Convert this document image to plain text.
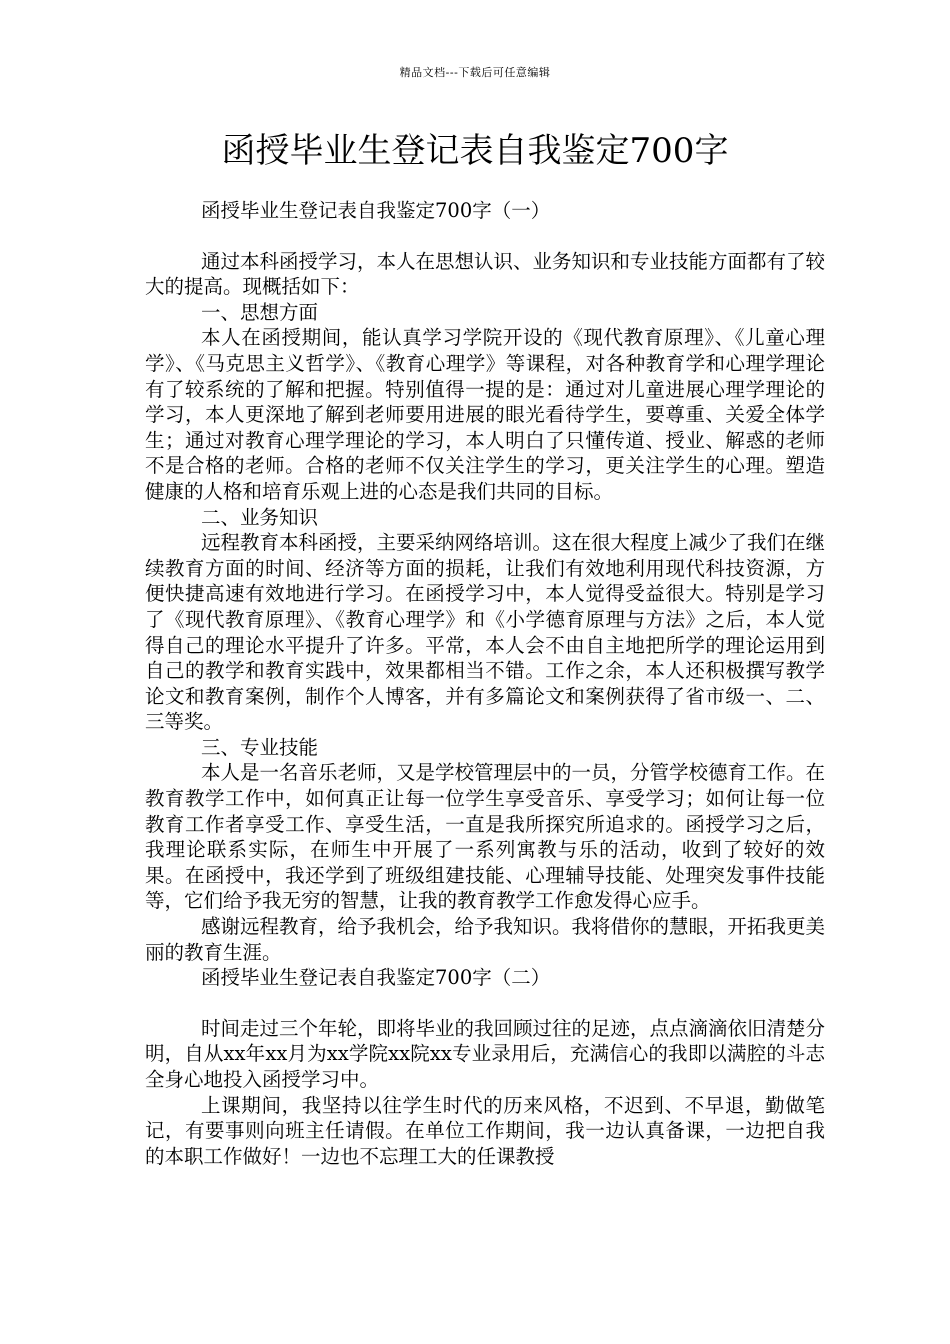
精品文档---下载后可任意编辑
函授毕业生登记表自我鉴定700字
函授毕业生登记表自我鉴定700字（一）

通过本科函授学习，本人在思想认识、业务知识和专业技能方面都有了较大的提高。现概括如下：

一、思想方面

本人在函授期间，能认真学习学院开设的《现代教育原理》、《儿童心理学》、《马克思主义哲学》、《教育心理学》等课程，对各种教育学和心理学理论有了较系统的了解和把握。特别值得一提的是：通过对儿童进展心理学理论的学习，本人更深地了解到老师要用进展的眼光看待学生，要尊重、关爱全体学生；通过对教育心理学理论的学习，本人明白了只懂传道、授业、解惑的老师不是合格的老师。合格的老师不仅关注学生的学习，更关注学生的心理。塑造健康的人格和培育乐观上进的心态是我们共同的目标。

二、业务知识

远程教育本科函授，主要采纳网络培训。这在很大程度上减少了我们在继续教育方面的时间、经济等方面的损耗，让我们有效地利用现代科技资源，方便快捷高速有效地进行学习。在函授学习中，本人觉得受益很大。特别是学习了《现代教育原理》、《教育心理学》和《小学德育原理与方法》之后，本人觉得自己的理论水平提升了许多。平常，本人会不由自主地把所学的理论运用到自己的教学和教育实践中，效果都相当不错。工作之余，本人还积极撰写教学论文和教育案例，制作个人博客，并有多篇论文和案例获得了省市级一、二、三等奖。

三、专业技能

本人是一名音乐老师，又是学校管理层中的一员，分管学校德育工作。在教育教学工作中，如何真正让每一位学生享受音乐、享受学习；如何让每一位教育工作者享受工作、享受生活，一直是我所探究所追求的。函授学习之后，我理论联系实际，在师生中开展了一系列寓教与乐的活动，收到了较好的效果。在函授中，我还学到了班级组建技能、心理辅导技能、处理突发事件技能等，它们给予我无穷的智慧，让我的教育教学工作愈发得心应手。

感谢远程教育，给予我机会，给予我知识。我将借你的慧眼，开拓我更美丽的教育生涯。

函授毕业生登记表自我鉴定700字（二）

时间走过三个年轮，即将毕业的我回顾过往的足迹，点点滴滴依旧清楚分明，自从xx年xx月为xx学院xx院xx专业录用后，充满信心的我即以满腔的斗志全身心地投入函授学习中。

上课期间，我坚持以往学生时代的历来风格，不迟到、不早退，勤做笔记，有要事则向班主任请假。在单位工作期间，我一边认真备课，一边把自我的本职工作做好！一边也不忘理工大的任课教授
